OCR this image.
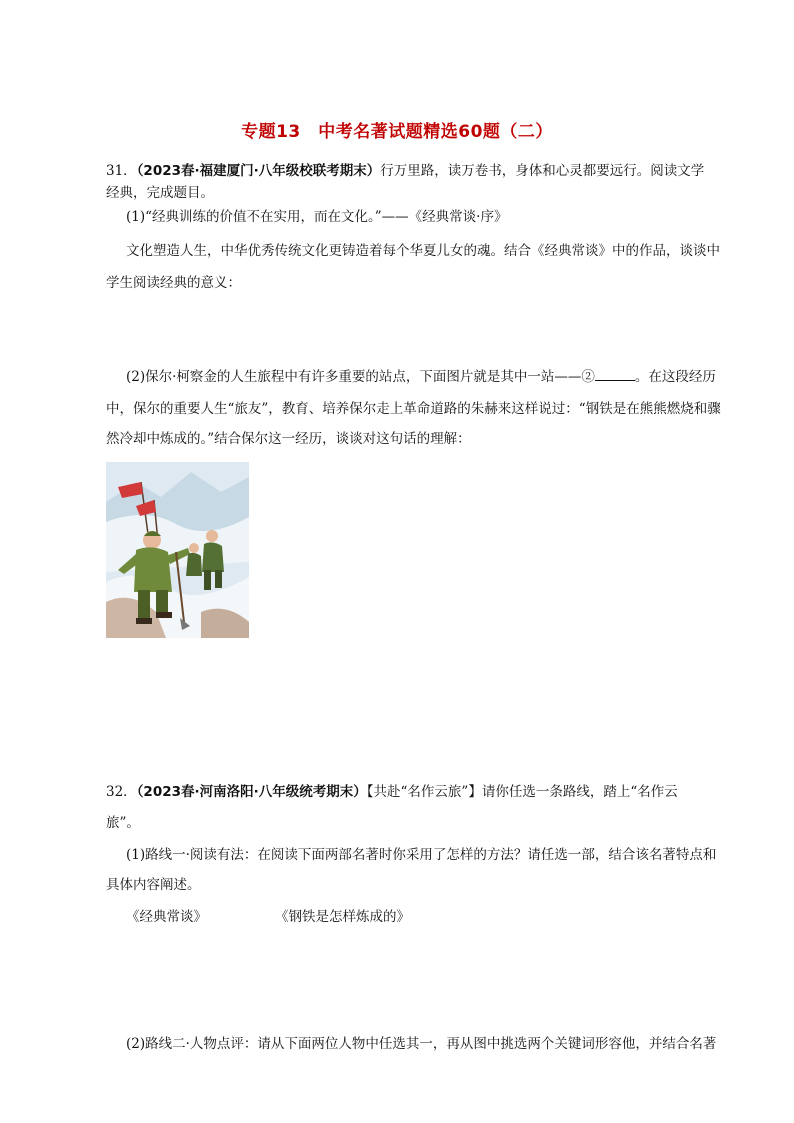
专题13　中考名著试题精选60题（二）
31．（2023春·福建厦门·八年级校联考期末）行万里路，读万卷书，身体和心灵都要远行。阅读文学
经典，完成题目。
(1)“经典训练的价值不在实用，而在文化。”——《经典常谈·序》
文化塑造人生，中华优秀传统文化更铸造着每个华夏儿女的魂。结合《经典常谈》中的作品，谈谈中
学生阅读经典的意义：
(2)保尔·柯察金的人生旅程中有许多重要的站点，下面图片就是其中一站——②	。在这段经历
中，保尔的重要人生“旅友”，教育、培养保尔走上革命道路的朱赫来这样说过：“钢铁是在熊熊燃烧和骤
然冷却中炼成的。”结合保尔这一经历，谈谈对这句话的理解：
32．（2023春·河南洛阳·八年级统考期末）【共赴“名作云旅”】请你任选一条路线，踏上“名作云
旅”。
(1)路线一·阅读有法：在阅读下面两部名著时你采用了怎样的方法？请任选一部，结合该名著特点和
具体内容阐述。
《经典常谈》	《钢铁是怎样炼成的》
(2)路线二·人物点评：请从下面两位人物中任选其一，再从图中挑选两个关键词形容他，并结合名著
